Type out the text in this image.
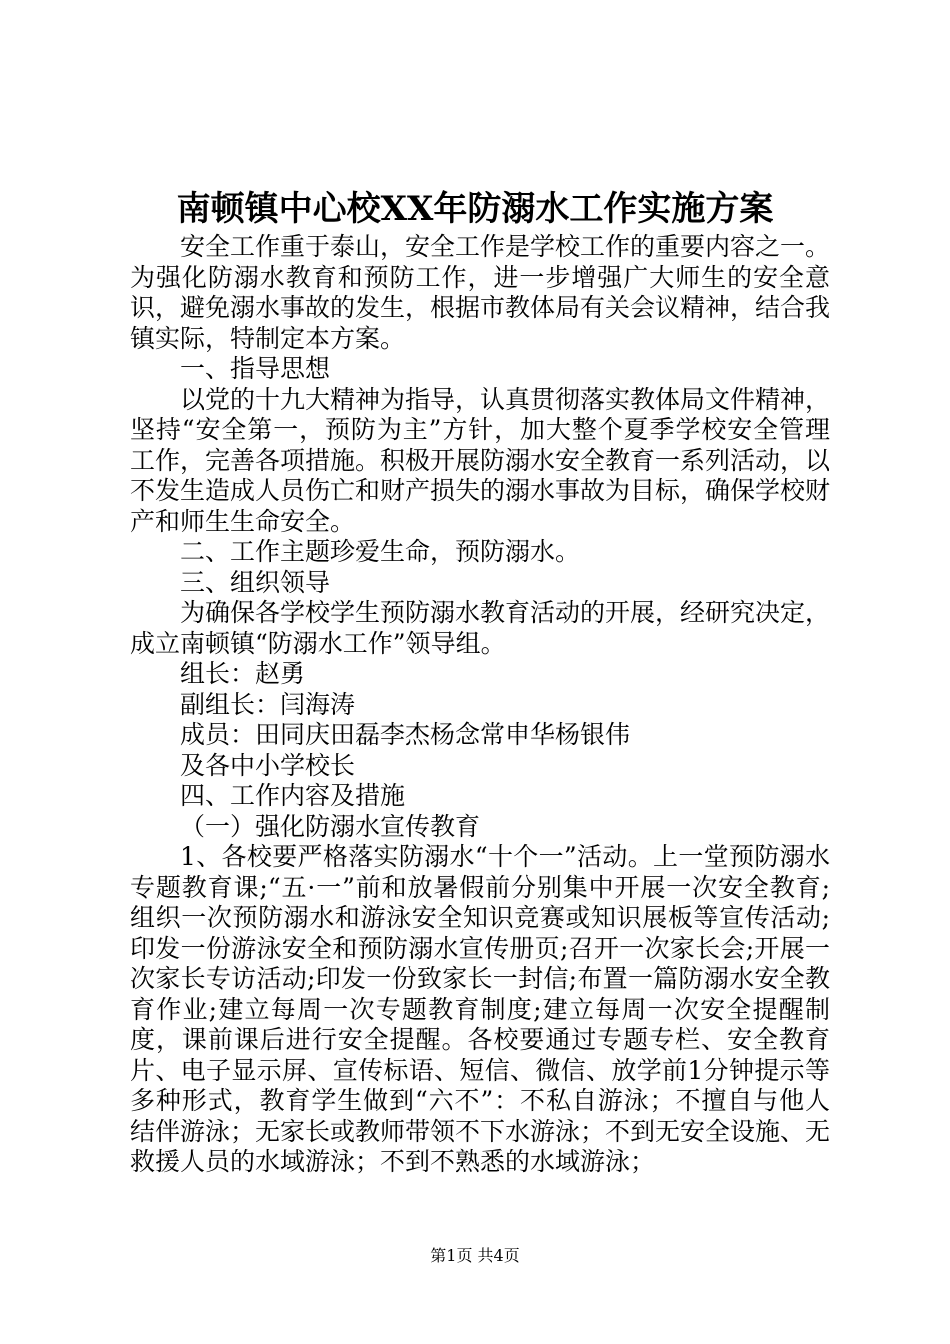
南顿镇中心校XX年防溺水工作实施方案

安全工作重于泰山，安全工作是学校工作的重要内容之一。为强化防溺水教育和预防工作，进一步增强广大师生的安全意识，避免溺水事故的发生，根据市教体局有关会议精神，结合我镇实际，特制定本方案。

一、指导思想

以党的十九大精神为指导，认真贯彻落实教体局文件精神，坚持“安全第一，预防为主”方针，加大整个夏季学校安全管理工作，完善各项措施。积极开展防溺水安全教育一系列活动，以不发生造成人员伤亡和财产损失的溺水事故为目标，确保学校财产和师生生命安全。

二、工作主题珍爱生命，预防溺水。

三、组织领导

为确保各学校学生预防溺水教育活动的开展，经研究决定，成立南顿镇“防溺水工作”领导组。

组长：赵勇

副组长：闫海涛

成员：田同庆田磊李杰杨念常申华杨银伟

及各中小学校长

四、工作内容及措施

（一）强化防溺水宣传教育

1、各校要严格落实防溺水“十个一”活动。上一堂预防溺水专题教育课;“五·一”前和放暑假前分别集中开展一次安全教育;组织一次预防溺水和游泳安全知识竞赛或知识展板等宣传活动;印发一份游泳安全和预防溺水宣传册页;召开一次家长会;开展一次家长专访活动;印发一份致家长一封信;布置一篇防溺水安全教育作业;建立每周一次专题教育制度;建立每周一次安全提醒制度，课前课后进行安全提醒。各校要通过专题专栏、安全教育片、电子显示屏、宣传标语、短信、微信、放学前1分钟提示等多种形式，教育学生做到“六不”：不私自游泳；不擅自与他人结伴游泳；无家长或教师带领不下水游泳；不到无安全设施、无救援人员的水域游泳；不到不熟悉的水域游泳；

第1页 共4页
